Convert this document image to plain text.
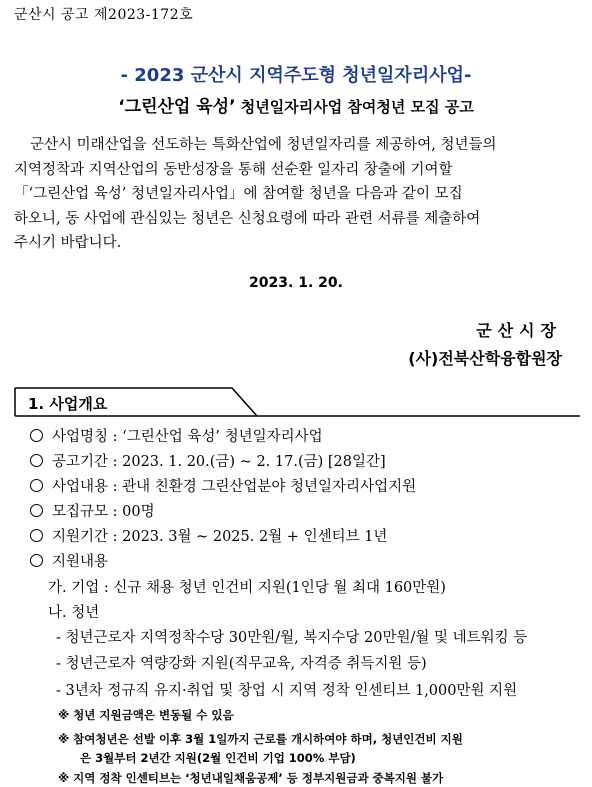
군산시 공고 제2023-172호
- 2023 군산시 지역주도형 청년일자리사업-
‘그린산업 육성’ 청년일자리사업 참여청년 모집 공고

군산시 미래산업을 선도하는 특화산업에 청년일자리를 제공하여, 청년들의

지역정착과 지역산업의 동반성장을 통해 선순환 일자리 창출에 기여할

「‘그린산업 육성’ 청년일자리사업」에 참여할 청년을 다음과 같이 모집

하오니, 동 사업에 관심있는 청년은 신청요령에 따라 관련 서류를 제출하여

주시기 바랍니다.

2023. 1. 20.
군산시장
(사)전북산학융합원장
1. 사업개요
사업명칭 : ‘그린산업 육성’ 청년일자리사업
공고기간 : 2023. 1. 20.(금) ~ 2. 17.(금) [28일간]
사업내용 : 관내 친환경 그린산업분야 청년일자리사업지원
모집규모 : 00명
지원기간 : 2023. 3월 ~ 2025. 2월 + 인센티브 1년
지원내용
가. 기업 : 신규 채용 청년 인건비 지원(1인당 월 최대 160만원)
나. 청년
- 청년근로자 지역정착수당 30만원/월, 복지수당 20만원/월 및 네트워킹 등
- 청년근로자 역량강화 지원(직무교육, 자격증 취득지원 등)
- 3년차 정규직 유지·취업 및 창업 시 지역 정착 인센티브 1,000만원 지원
※ 청년 지원금액은 변동될 수 있음
※ 참여청년은 선발 이후 3월 1일까지 근로를 개시하여야 하며, 청년인건비 지원
은 3월부터 2년간 지원(2월 인건비 기업 100% 부담)
※ 지역 정착 인센티브는 ‘청년내일채움공제’ 등 정부지원금과 중복지원 불가
